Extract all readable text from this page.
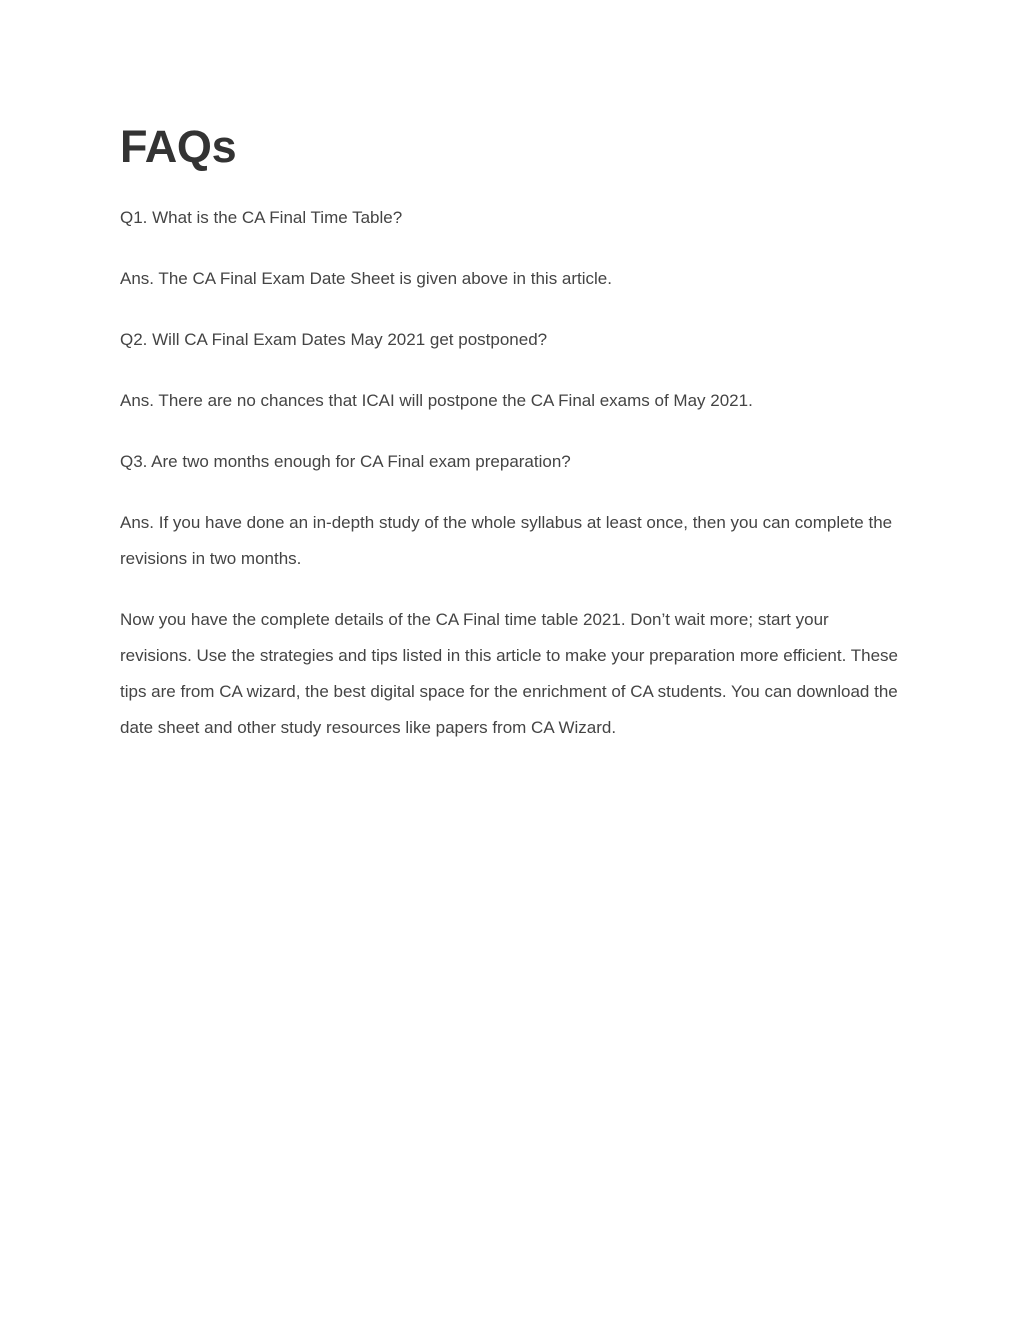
FAQs

Q1. What is the CA Final Time Table?

Ans. The CA Final Exam Date Sheet is given above in this article.

Q2. Will CA Final Exam Dates May 2021 get postponed?

Ans. There are no chances that ICAI will postpone the CA Final exams of May 2021.

Q3. Are two months enough for CA Final exam preparation?

Ans. If you have done an in-depth study of the whole syllabus at least once, then you can complete the revisions in two months.

Now you have the complete details of the CA Final time table 2021. Don’t wait more; start your revisions. Use the strategies and tips listed in this article to make your preparation more efficient. These tips are from CA wizard, the best digital space for the enrichment of CA students. You can download the date sheet and other study resources like papers from CA Wizard.
